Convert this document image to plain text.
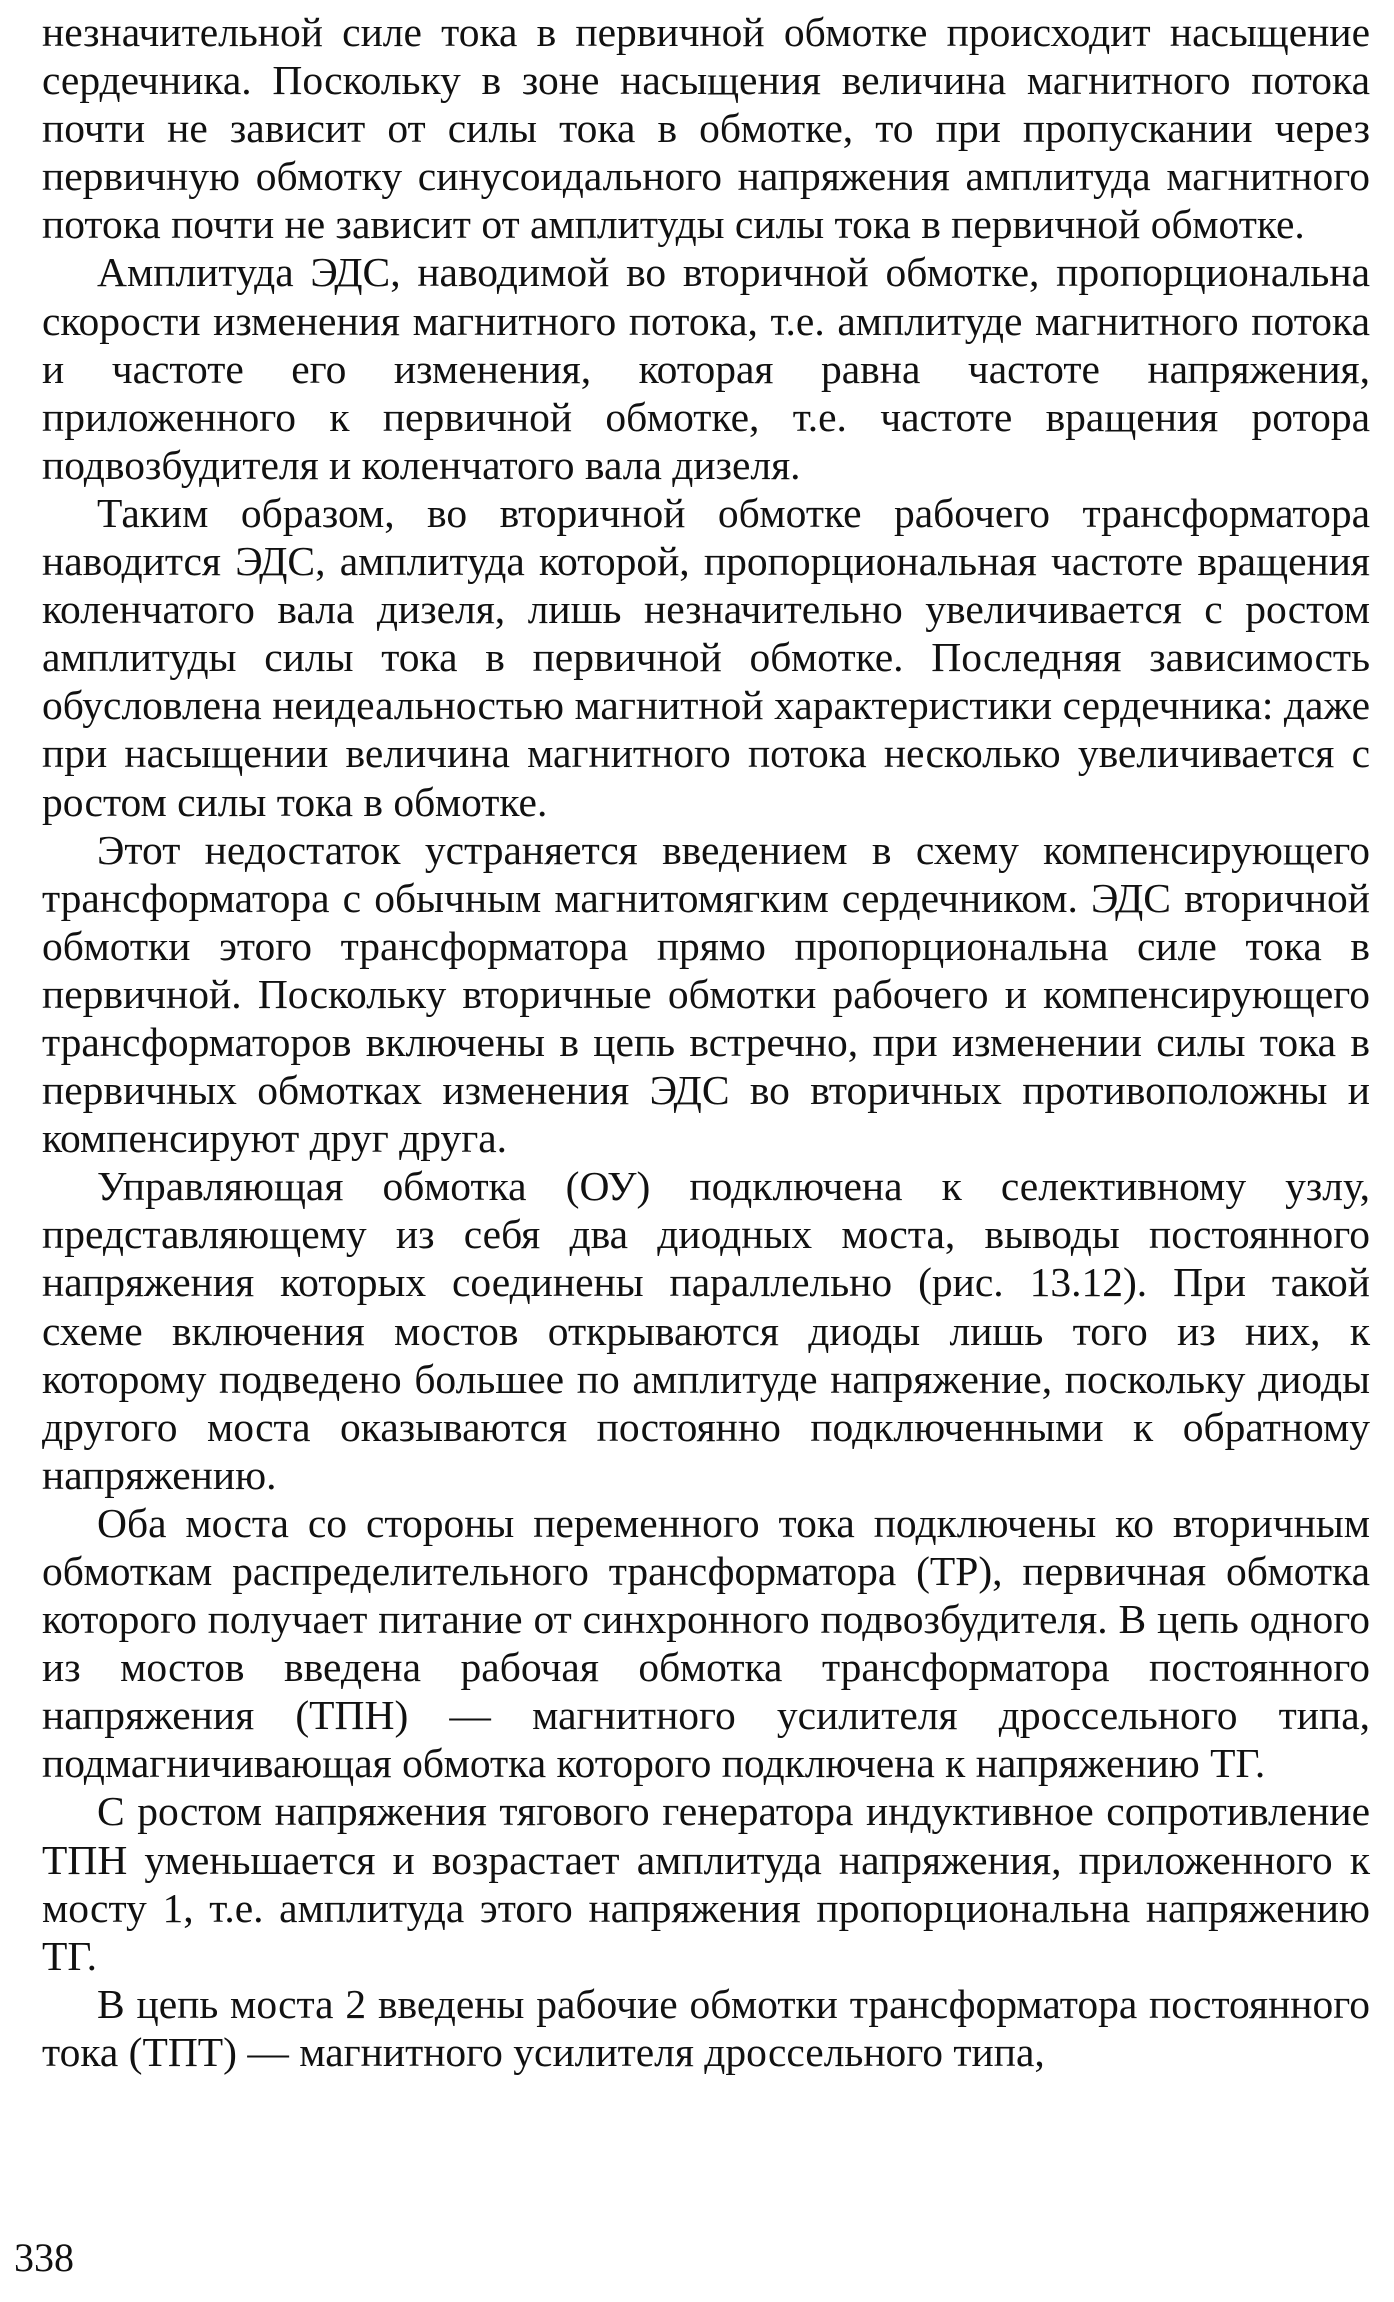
незначительной силе тока в первичной обмотке происходит насыщение сердечника. Поскольку в зоне насыщения величина магнитного потока почти не зависит от силы тока в обмотке, то при пропускании через первичную обмотку синусоидального напряжения амплитуда магнитного потока почти не зависит от амплитуды силы тока в первичной обмотке.

Амплитуда ЭДС, наводимой во вторичной обмотке, пропорциональна скорости изменения магнитного потока, т.е. амплитуде магнитного потока и частоте его изменения, которая равна частоте напряжения, приложенного к первичной обмотке, т.е. частоте вращения ротора подвозбудителя и коленчатого вала дизеля.

Таким образом, во вторичной обмотке рабочего трансформатора наводится ЭДС, амплитуда которой, пропорциональная частоте вращения коленчатого вала дизеля, лишь незначительно увеличивается с ростом амплитуды силы тока в первичной обмотке. Последняя зависимость обусловлена неидеальностью магнитной характеристики сердечника: даже при насыщении величина магнитного потока несколько увеличивается с ростом силы тока в обмотке.

Этот недостаток устраняется введением в схему компенсирующего трансформатора с обычным магнитомягким сердечником. ЭДС вторичной обмотки этого трансформатора прямо пропорциональна силе тока в первичной. Поскольку вторичные обмотки рабочего и компенсирующего трансформаторов включены в цепь встречно, при изменении силы тока в первичных обмотках изменения ЭДС во вторичных противоположны и компенсируют друг друга.

Управляющая обмотка (ОУ) подключена к селективному узлу, представляющему из себя два диодных моста, выводы постоянного напряжения которых соединены параллельно (рис. 13.12). При такой схеме включения мостов открываются диоды лишь того из них, к которому подведено большее по амплитуде напряжение, поскольку диоды другого моста оказываются постоянно подключенными к обратному напряжению.

Оба моста со стороны переменного тока подключены ко вторичным обмоткам распределительного трансформатора (ТР), первичная обмотка которого получает питание от синхронного подвозбудителя. В цепь одного из мостов введена рабочая обмотка трансформатора постоянного напряжения (ТПН) — магнитного усилителя дроссельного типа, подмагничивающая обмотка которого подключена к напряжению ТГ.

С ростом напряжения тягового генератора индуктивное сопротивление ТПН уменьшается и возрастает амплитуда напряжения, приложенного к мосту 1, т.е. амплитуда этого напряжения пропорциональна напряжению ТГ.

В цепь моста 2 введены рабочие обмотки трансформатора постоянного тока (ТПТ) — магнитного усилителя дроссельного типа,

338
